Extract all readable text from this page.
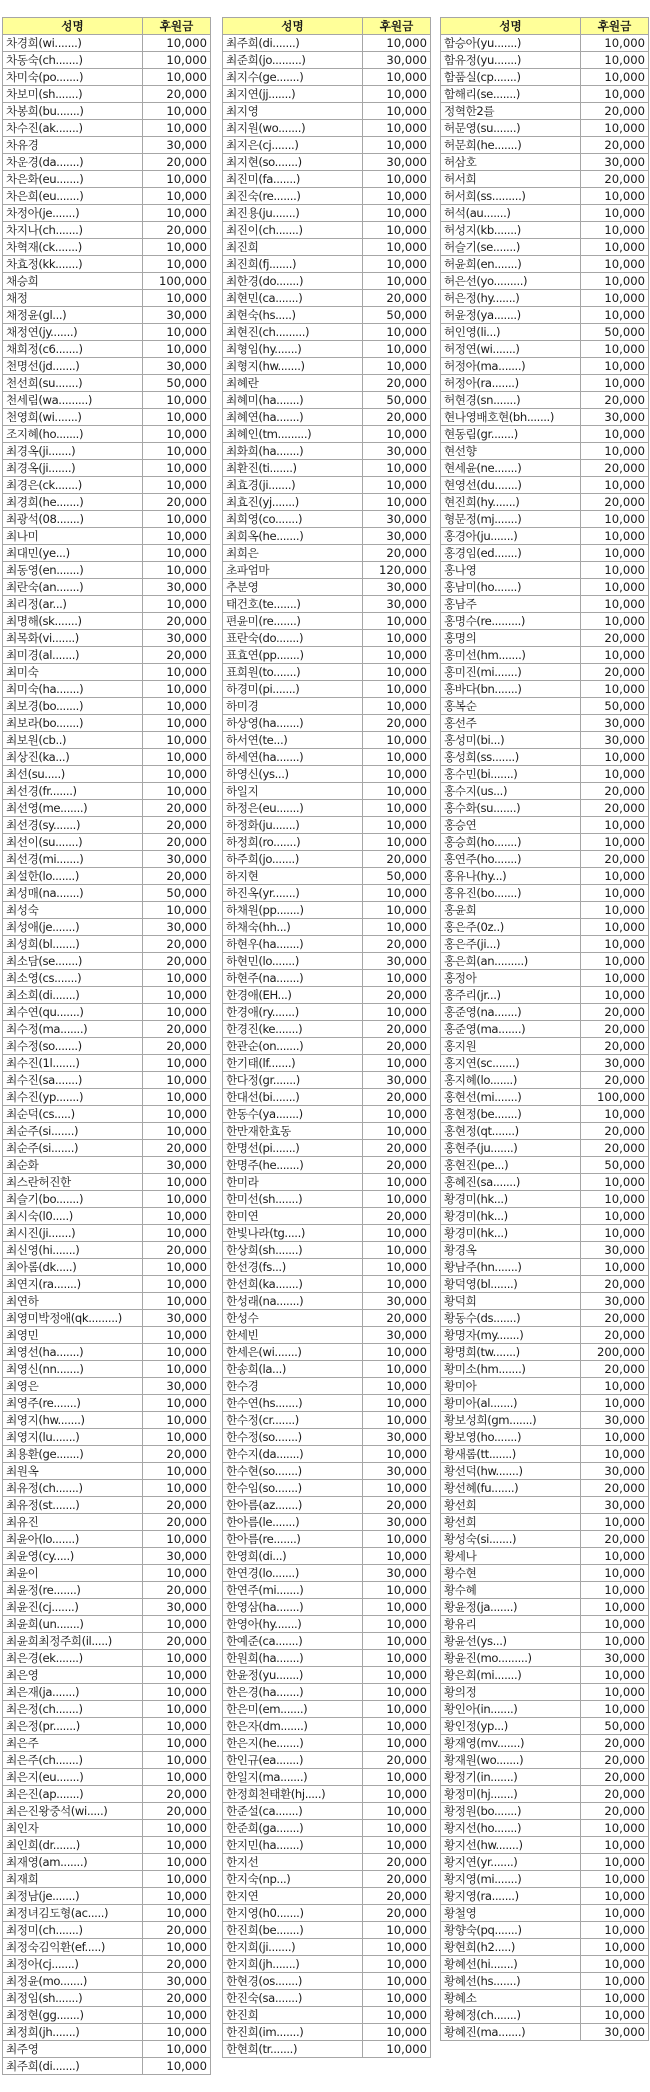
성명	후원금
차경희(wi.......)	10,000
차동숙(ch.......)	10,000
차미숙(po.......)	10,000
차보미(sh.......)	20,000
차봉희(bu.......)	10,000
차수진(ak.......)	10,000
차유경	30,000
차운경(da.......)	20,000
차은화(eu.......)	10,000
차은희(eu.......)	10,000
차정아(je.......)	10,000
차지나(ch.......)	20,000
차혁재(ck.......)	10,000
차효정(kk.......)	10,000
채승희	100,000
채정	10,000
채정윤(gl...)	30,000
채정연(jy.......)	10,000
채희정(c6.......)	10,000
천명선(jd.......)	30,000
천선희(su.......)	50,000
천세림(wa.........)	10,000
천영희(wi.......)	10,000
조지혜(ho.......)	10,000
최경옥(ji.......)	10,000
최경옥(ji.......)	10,000
최경은(ck.......)	10,000
최경희(he.......)	20,000
최광석(08.......)	10,000
최나미	10,000
최대민(ye...)	10,000
최동영(en.......)	10,000
최란숙(an.......)	30,000
최리정(ar...)	10,000
최명해(sk.......)	20,000
최목화(vi.......)	30,000
최미경(al.......)	20,000
최미숙	10,000
최미숙(ha.......)	10,000
최보경(bo.......)	10,000
최보라(bo.......)	10,000
최보원(cb..)	10,000
최상진(ka...)	10,000
최선(su.....)	10,000
최선경(fr.......)	10,000
최선영(me.......)	20,000
최선경(sy.......)	20,000
최선이(su.......)	20,000
최선경(mi.......)	30,000
최설한(lo.......)	20,000
최성매(na.......)	50,000
최성숙	10,000
최성애(je.......)	30,000
최성희(bl.......)	20,000
최소담(se.......)	20,000
최소영(cs.......)	10,000
최소희(di.......)	10,000
최수연(qu.......)	10,000
최수정(ma.......)	20,000
최수정(so.......)	20,000
최수진(1l.......)	10,000
최수진(sa.......)	10,000
최수진(yp.......)	10,000
최순덕(cs.....)	10,000
최순주(si.......)	10,000
최순주(si.......)	20,000
최순화	30,000
최스란허진한	10,000
최슬기(bo.......)	10,000
최시숙(l0.....)	10,000
최시진(ji.......)	10,000
최신영(hi.......)	20,000
최아롬(dk.....)	10,000
최연지(ra.......)	10,000
최연하	10,000
최영미박정애(qk.........)	30,000
최영민	10,000
최영선(ha.......)	10,000
최영신(nn.......)	10,000
최영은	30,000
최영주(re.......)	10,000
최영지(hw.......)	10,000
최영지(lu.......)	10,000
최용환(ge.......)	20,000
최원옥	10,000
최유정(ch.......)	10,000
최유정(st.......)	20,000
최유진	20,000
최윤아(lo.......)	10,000
최윤영(cy.....)	30,000
최윤이	10,000
최윤정(re.......)	20,000
최윤진(cj.......)	30,000
최윤희(un.......)	10,000
최윤희최정주희(il.....)	20,000
최은경(ek.......)	10,000
최은영	10,000
최은재(ja.......)	10,000
최은정(ch.......)	10,000
최은정(pr.......)	10,000
최은주	10,000
최은주(ch.......)	10,000
최은지(eu.......)	10,000
최은진(ap.......)	20,000
최은진왕중석(wi.....)	20,000
최인자	10,000
최인희(dr.......)	10,000
최재영(am.......)	10,000
최재희	10,000
최정남(je.......)	10,000
최정녀김도형(ac.....)	10,000
최정미(ch.......)	20,000
최정숙김익환(ef.....)	10,000
최정아(cj.......)	20,000
최정윤(mo.......)	30,000
최정임(sh.......)	20,000
최정현(gg.......)	10,000
최정희(jh.......)	10,000
최주영	10,000
최주희(di.......)	10,000
성명	후원금
최주희(di.......)	10,000
최준희(jo.........)	30,000
최지수(ge.......)	10,000
최지연(jj.......)	10,000
최지영	10,000
최지원(wo.......)	10,000
최지은(cj.......)	10,000
최지현(so.......)	30,000
최진미(fa.......)	10,000
최진숙(re.......)	10,000
최진용(ju.......)	10,000
최진이(ch.......)	10,000
최진희	10,000
최진희(fj.......)	10,000
최한경(do.......)	10,000
최현민(ca.......)	20,000
최현숙(hs.....)	50,000
최현진(ch.........)	10,000
최형임(hy.......)	10,000
최형지(hw.......)	10,000
최혜란	20,000
최혜미(ha.......)	50,000
최혜연(ha.......)	20,000
최혜인(tm.........)	10,000
최화희(ha.......)	30,000
최환진(ti.......)	10,000
최효경(ji.......)	10,000
최효진(yj.......)	10,000
최희영(co.......)	30,000
최희옥(he.......)	30,000
최희은	20,000
초파엄마	120,000
추분영	30,000
태건호(te.......)	30,000
편윤미(re.......)	10,000
표란숙(do.......)	10,000
표효연(pp.......)	10,000
표희원(to.......)	10,000
하경미(pi.......)	10,000
하미경	10,000
하상영(ha.......)	20,000
하서연(te...)	10,000
하세연(ha.......)	10,000
하영신(ys...)	10,000
하일지	10,000
하정은(eu.......)	10,000
하정화(ju.......)	10,000
하정희(ro.......)	10,000
하주희(jo.......)	20,000
하지현	50,000
하진옥(yr.......)	10,000
하채원(pp.......)	10,000
하채숙(hh...)	10,000
하현우(ha.......)	20,000
하현민(lo.......)	30,000
하현주(na.......)	10,000
한경애(EH...)	20,000
한경애(ry.......)	10,000
한경진(ke.......)	20,000
한관순(on.......)	20,000
한기태(lf.......)	10,000
한다정(gr.......)	30,000
한대선(bi.......)	20,000
한동수(ya.......)	10,000
한만재한효동	10,000
한명선(pi.......)	20,000
한명주(he.......)	20,000
한미라	10,000
한미선(sh.......)	10,000
한미연	20,000
한빛나라(tg.....)	10,000
한상희(sh.......)	10,000
한선경(fs...)	10,000
한선희(ka.......)	10,000
한성래(na.......)	30,000
한성수	20,000
한세빈	30,000
한세은(wi.......)	10,000
한송희(la...)	10,000
한수경	10,000
한수연(hs.......)	10,000
한수정(cr.......)	10,000
한수정(so.......)	30,000
한수지(da.......)	10,000
한수현(so.......)	30,000
한수임(so.......)	10,000
한아름(az.......)	20,000
한아름(le.......)	30,000
한아름(re.......)	10,000
한영희(di...)	10,000
한연경(lo.......)	30,000
한연주(mi.......)	10,000
한영삼(ha.......)	10,000
한영아(hy.......)	10,000
한예준(ca.......)	10,000
한원희(ha.......)	10,000
한윤정(yu.......)	10,000
한은경(ha.......)	10,000
한은미(em.......)	10,000
한은자(dm.......)	10,000
한은지(he.......)	10,000
한인규(ea.......)	20,000
한일지(ma.......)	10,000
한정희천태환(hj.....)	10,000
한준설(ca.......)	10,000
한준희(ga.......)	10,000
한지민(ha.......)	10,000
한지선	20,000
한지숙(np...)	20,000
한지연	20,000
한지영(h0.......)	20,000
한진희(be.......)	10,000
한지희(ji.......)	10,000
한지희(jh.......)	10,000
한현경(os.......)	10,000
한진숙(sa.......)	10,000
한진희	10,000
한진희(im.......)	10,000
한현희(tr.......)	10,000
성명	후원금
함승아(yu.......)	10,000
함유정(yu.......)	10,000
함품실(cp.......)	10,000
함해리(se.......)	10,000
정혁한2를	20,000
허문영(su.......)	10,000
허문희(he.......)	20,000
허삼호	30,000
허서희	20,000
허서희(ss.........)	10,000
허석(au.......)	10,000
허성지(kb.......)	10,000
허슬기(se.......)	10,000
허윤희(en.......)	10,000
허은선(yo.........)	10,000
허은정(hy.......)	10,000
허윤정(ya.......)	10,000
허인영(li...)	50,000
허정연(wi.......)	10,000
허정아(ma.......)	10,000
허정아(ra.......)	10,000
허현경(sn.......)	20,000
현나영배호현(bh.......)	30,000
현동림(gr.......)	10,000
현선향	10,000
현세윤(ne.......)	20,000
현영선(du.......)	10,000
현진희(hy.......)	20,000
형문정(mj.......)	10,000
홍경아(ju.......)	10,000
홍경임(ed.......)	10,000
홍나영	10,000
홍남미(ho.......)	10,000
홍남주	10,000
홍명수(re.........)	10,000
홍명의	20,000
홍미선(hm.......)	10,000
홍미진(mi.......)	20,000
홍바다(bn.......)	10,000
홍복순	50,000
홍선주	30,000
홍성미(bi...)	30,000
홍성희(ss.......)	10,000
홍수민(bi.......)	10,000
홍수지(us...)	20,000
홍수화(su.......)	20,000
홍승연	10,000
홍승희(ho.......)	10,000
홍연주(ho.......)	20,000
홍유나(hy...)	10,000
홍유진(bo.......)	10,000
홍윤희	10,000
홍은주(0z..)	10,000
홍은주(ji...)	10,000
홍은희(an.........)	10,000
홍정아	10,000
홍주리(jr...)	10,000
홍준영(na.......)	20,000
홍준영(ma.......)	20,000
홍지원	20,000
홍지연(sc.......)	30,000
홍지혜(lo.......)	20,000
홍현선(mi.......)	100,000
홍현정(be.......)	10,000
홍현정(qt.......)	20,000
홍현주(ju.......)	20,000
홍현진(pe...)	50,000
홍혜진(sa.......)	10,000
황경미(hk...)	10,000
황경미(hk...)	10,000
황경미(hk...)	10,000
황경옥	30,000
황남주(hn.......)	10,000
황덕영(bl.......)	20,000
황덕희	30,000
황동수(ds.......)	20,000
황명자(my.......)	20,000
황명희(tw.......)	200,000
황미소(hm.......)	20,000
황미아	10,000
황미아(al.......)	10,000
황보성희(gm.......)	30,000
황보영(ho.......)	10,000
황새롬(tt.......)	10,000
황선덕(hw.......)	30,000
황선혜(fu.......)	20,000
황선희	30,000
황선희	10,000
황성숙(si.......)	20,000
황세나	10,000
황수현	10,000
황수혜	10,000
황윤정(ja.......)	10,000
황유리	10,000
황윤선(ys...)	10,000
황윤진(mo.........)	30,000
황은희(mi.......)	10,000
황의정	10,000
황인아(in.......)	10,000
황인정(yp...)	50,000
황재영(mv.......)	20,000
황재원(wo.......)	20,000
황정기(in.......)	20,000
황정미(hj.......)	20,000
황정원(bo.......)	20,000
황지선(ho.......)	10,000
황지선(hw.......)	10,000
황지연(yr.......)	10,000
황지영(mi.......)	10,000
황지영(ra.......)	10,000
황철영	10,000
황향숙(pq.......)	10,000
황현희(h2.....)	10,000
황혜선(hi.......)	10,000
황혜선(hs.......)	10,000
황혜소	10,000
황혜정(ch.......)	10,000
황혜진(ma.......)	30,000
